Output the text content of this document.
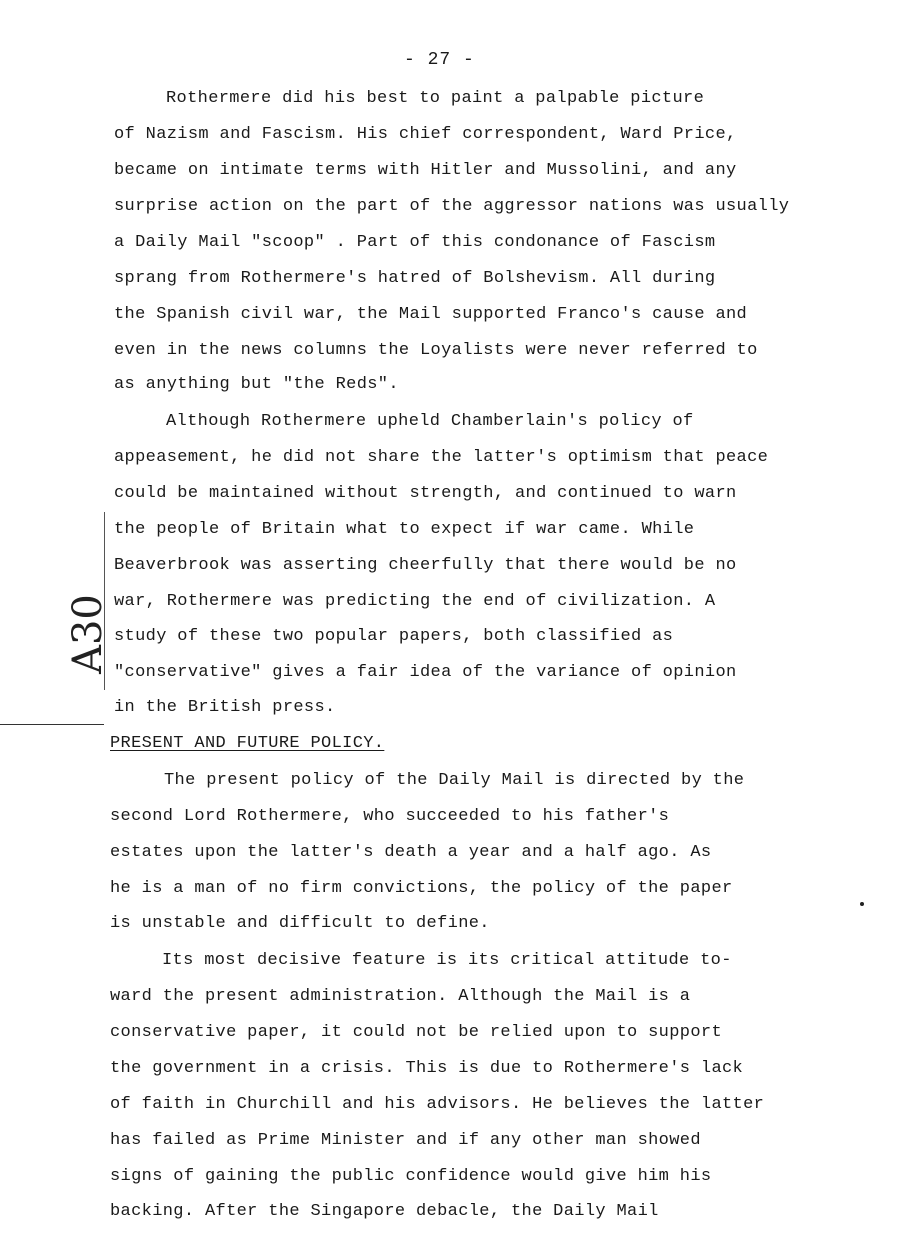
- 27 -
Rothermere did his best to paint a palpable picture
of Nazism and Fascism. His chief correspondent, Ward Price,
became on intimate terms with Hitler and Mussolini, and any
surprise action on the part of the aggressor nations was usually
a Daily Mail "scoop" . Part of this condonance of Fascism
sprang from Rothermere's hatred of Bolshevism. All during
the Spanish civil war, the Mail supported Franco's cause and
even in the news columns the Loyalists were never referred to
as anything but "the Reds".
Although Rothermere upheld Chamberlain's policy of
appeasement, he did not share the latter's optimism that peace
could be maintained without strength, and continued to warn
the people of Britain what to expect if war came. While
Beaverbrook was asserting cheerfully that there would be no
war, Rothermere was predicting the end of civilization. A
study of these two popular papers, both classified as
"conservative" gives a fair idea of the variance of opinion
in the British press.
PRESENT AND FUTURE POLICY.
The present policy of the Daily Mail is directed by the
second Lord Rothermere, who succeeded to his father's
estates upon the latter's death a year and a half ago. As
he is a man of no firm convictions, the policy of the paper
is unstable and difficult to define.
Its most decisive feature is its critical attitude to-
ward the present administration. Although the Mail is a
conservative paper, it could not be relied upon to support
the government in a crisis. This is due to Rothermere's lack
of faith in Churchill and his advisors. He believes the latter
has failed as Prime Minister and if any other man showed
signs of gaining the public confidence would give him his
backing. After the Singapore debacle, the Daily Mail
A30
